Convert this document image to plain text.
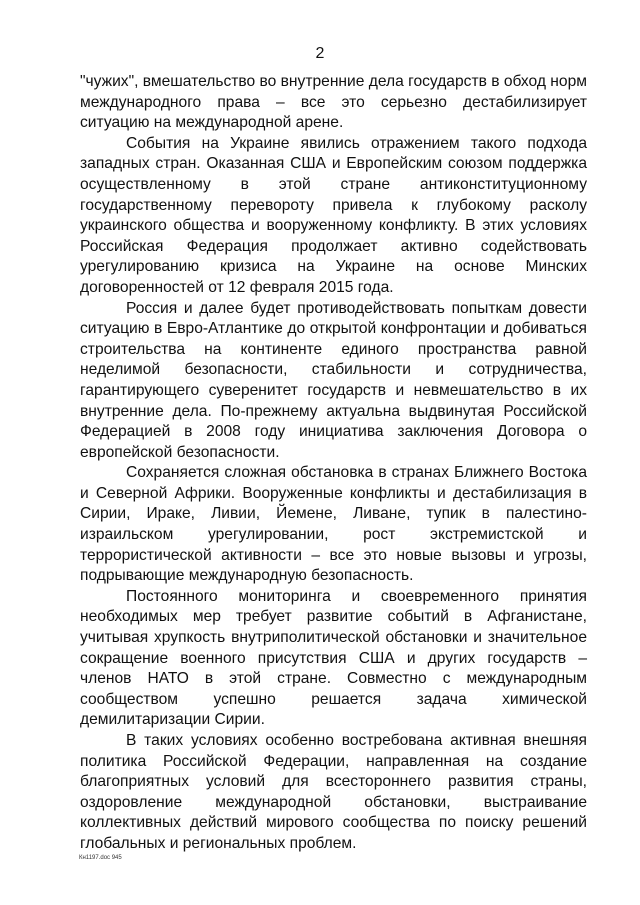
2

"чужих", вмешательство во внутренние дела государств в обход норм международного права – все это серьезно дестабилизирует ситуацию на международной арене.

События на Украине явились отражением такого подхода западных стран. Оказанная США и Европейским союзом поддержка осуществленному в этой стране антиконституционному государственному перевороту привела к глубокому расколу украинского общества и вооруженному конфликту. В этих условиях Российская Федерация продолжает активно содействовать урегулированию кризиса на Украине на основе Минских договоренностей от 12 февраля 2015 года.

Россия и далее будет противодействовать попыткам довести ситуацию в Евро-Атлантике до открытой конфронтации и добиваться строительства на континенте единого пространства равной неделимой безопасности, стабильности и сотрудничества, гарантирующего суверенитет государств и невмешательство в их внутренние дела. По-прежнему актуальна выдвинутая Российской Федерацией в 2008 году инициатива заключения Договора о европейской безопасности.

Сохраняется сложная обстановка в странах Ближнего Востока и Северной Африки. Вооруженные конфликты и дестабилизация в Сирии, Ираке, Ливии, Йемене, Ливане, тупик в палестино-израильском урегулировании, рост экстремистской и террористической активности – все это новые вызовы и угрозы, подрывающие международную безопасность.

Постоянного мониторинга и своевременного принятия необходимых мер требует развитие событий в Афганистане, учитывая хрупкость внутриполитической обстановки и значительное сокращение военного присутствия США и других государств – членов НАТО в этой стране. Совместно с международным сообществом успешно решается задача химической демилитаризации Сирии.

В таких условиях особенно востребована активная внешняя политика Российской Федерации, направленная на создание благоприятных условий для всестороннего развития страны, оздоровление международной обстановки, выстраивание коллективных действий мирового сообщества по поиску решений глобальных и региональных проблем.

Кн1197.doc 945
